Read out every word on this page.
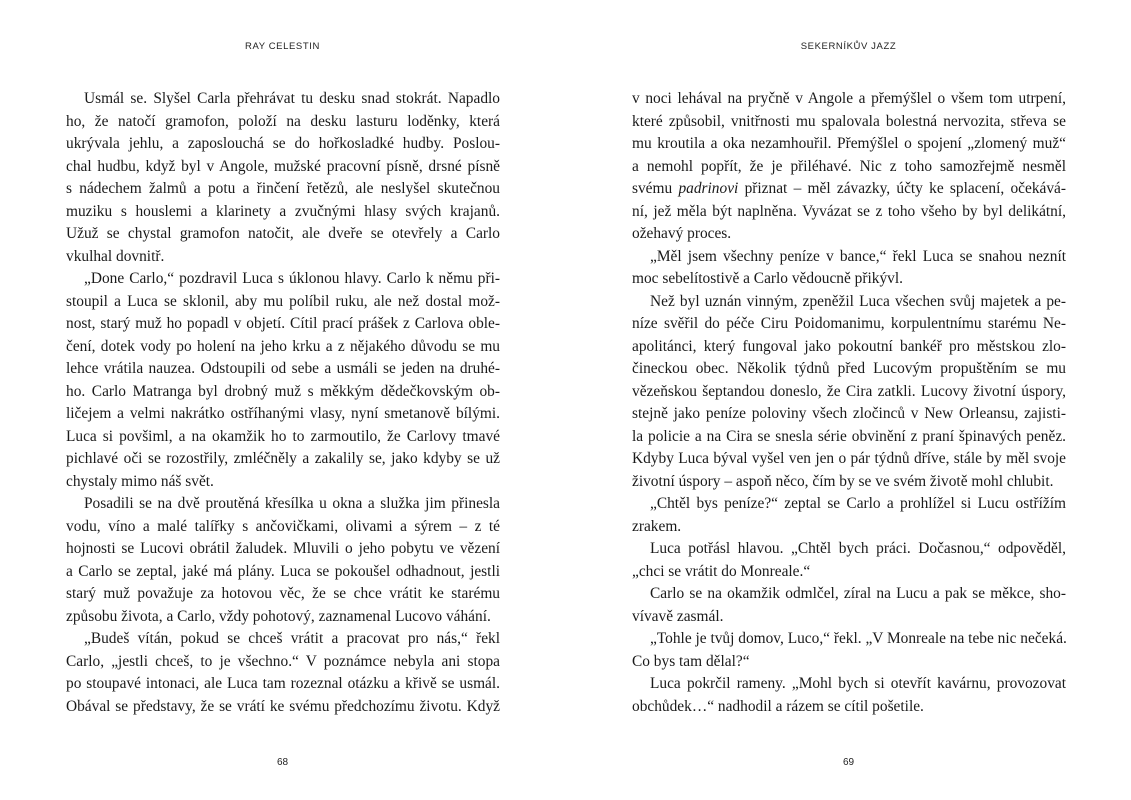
RAY CELESTIN
Usmál se. Slyšel Carla přehrávat tu desku snad stokrát. Napadlo
ho, že natočí gramofon, položí na desku lasturu loděnky, která
ukrývala jehlu, a zaposlouchá se do hořkosladké hudby. Poslou-
chal hudbu, když byl v Angole, mužské pracovní písně, drsné písně
s nádechem žalmů a potu a řinčení řetězů, ale neslyšel skutečnou
muziku s houslemi a klarinety a zvučnými hlasy svých krajanů.
Užuž se chystal gramofon natočit, ale dveře se otevřely a Carlo
vkulhal dovnitř.
„Done Carlo,“ pozdravil Luca s úklonou hlavy. Carlo k němu při-
stoupil a Luca se sklonil, aby mu políbil ruku, ale než dostal mož-
nost, starý muž ho popadl v objetí. Cítil prací prášek z Carlova oble-
čení, dotek vody po holení na jeho krku a z nějakého důvodu se mu
lehce vrátila nauzea. Odstoupili od sebe a usmáli se jeden na druhé-
ho. Carlo Matranga byl drobný muž s měkkým dědečkovským ob-
ličejem a velmi nakrátko ostříhanými vlasy, nyní smetanově bílými.
Luca si povšiml, a na okamžik ho to zarmoutilo, že Carlovy tmavé
pichlavé oči se rozostřily, zmléčněly a zakalily se, jako kdyby se už
chystaly mimo náš svět.
Posadili se na dvě proutěná křesílka u okna a služka jim přinesla
vodu, víno a malé talířky s ančovičkami, olivami a sýrem – z té
hojnosti se Lucovi obrátil žaludek. Mluvili o jeho pobytu ve vězení
a Carlo se zeptal, jaké má plány. Luca se pokoušel odhadnout, jestli
starý muž považuje za hotovou věc, že se chce vrátit ke starému
způsobu života, a Carlo, vždy pohotový, zaznamenal Lucovo váhání.
„Budeš vítán, pokud se chceš vrátit a pracovat pro nás,“ řekl
Carlo, „jestli chceš, to je všechno.“ V poznámce nebyla ani stopa
po stoupavé intonaci, ale Luca tam rozeznal otázku a křivě se usmál.
Obával se představy, že se vrátí ke svému předchozímu životu. Když
68
SEKERNÍKŮV JAZZ
v noci lehával na pryčně v Angole a přemýšlel o všem tom utrpení,
které způsobil, vnitřnosti mu spalovala bolestná nervozita, střeva se
mu kroutila a oka nezamhouřil. Přemýšlel o spojení „zlomený muž“
a nemohl popřít, že je přiléhavé. Nic z toho samozřejmě nesměl
svému padrinovi přiznat – měl závazky, účty ke splacení, očekává-
ní, jež měla být naplněna. Vyvázat se z toho všeho by byl delikátní,
ožehavý proces.
„Měl jsem všechny peníze v bance,“ řekl Luca se snahou neznít
moc sebelítostivě a Carlo vědoucně přikývl.
Než byl uznán vinným, zpeněžil Luca všechen svůj majetek a pe-
níze svěřil do péče Ciru Poidomanimu, korpulentnímu starému Ne-
apolitánci, který fungoval jako pokoutní bankéř pro městskou zlo-
čineckou obec. Několik týdnů před Lucovým propuštěním se mu
vězeňskou šeptandou doneslo, že Cira zatkli. Lucovy životní úspory,
stejně jako peníze poloviny všech zločinců v New Orleansu, zajisti-
la policie a na Cira se snesla série obvinění z praní špinavých peněz.
Kdyby Luca býval vyšel ven jen o pár týdnů dříve, stále by měl svoje
životní úspory – aspoň něco, čím by se ve svém životě mohl chlubit.
„Chtěl bys peníze?“ zeptal se Carlo a prohlížel si Lucu ostřížím
zrakem.
Luca potřásl hlavou. „Chtěl bych práci. Dočasnou,“ odpověděl,
„chci se vrátit do Monreale.“
Carlo se na okamžik odmlčel, zíral na Lucu a pak se měkce, sho-
vívavě zasmál.
„Tohle je tvůj domov, Luco,“ řekl. „V Monreale na tebe nic nečeká.
Co bys tam dělal?“
Luca pokrčil rameny. „Mohl bych si otevřít kavárnu, provozovat
obchůdek…“ nadhodil a rázem se cítil pošetile.
69
